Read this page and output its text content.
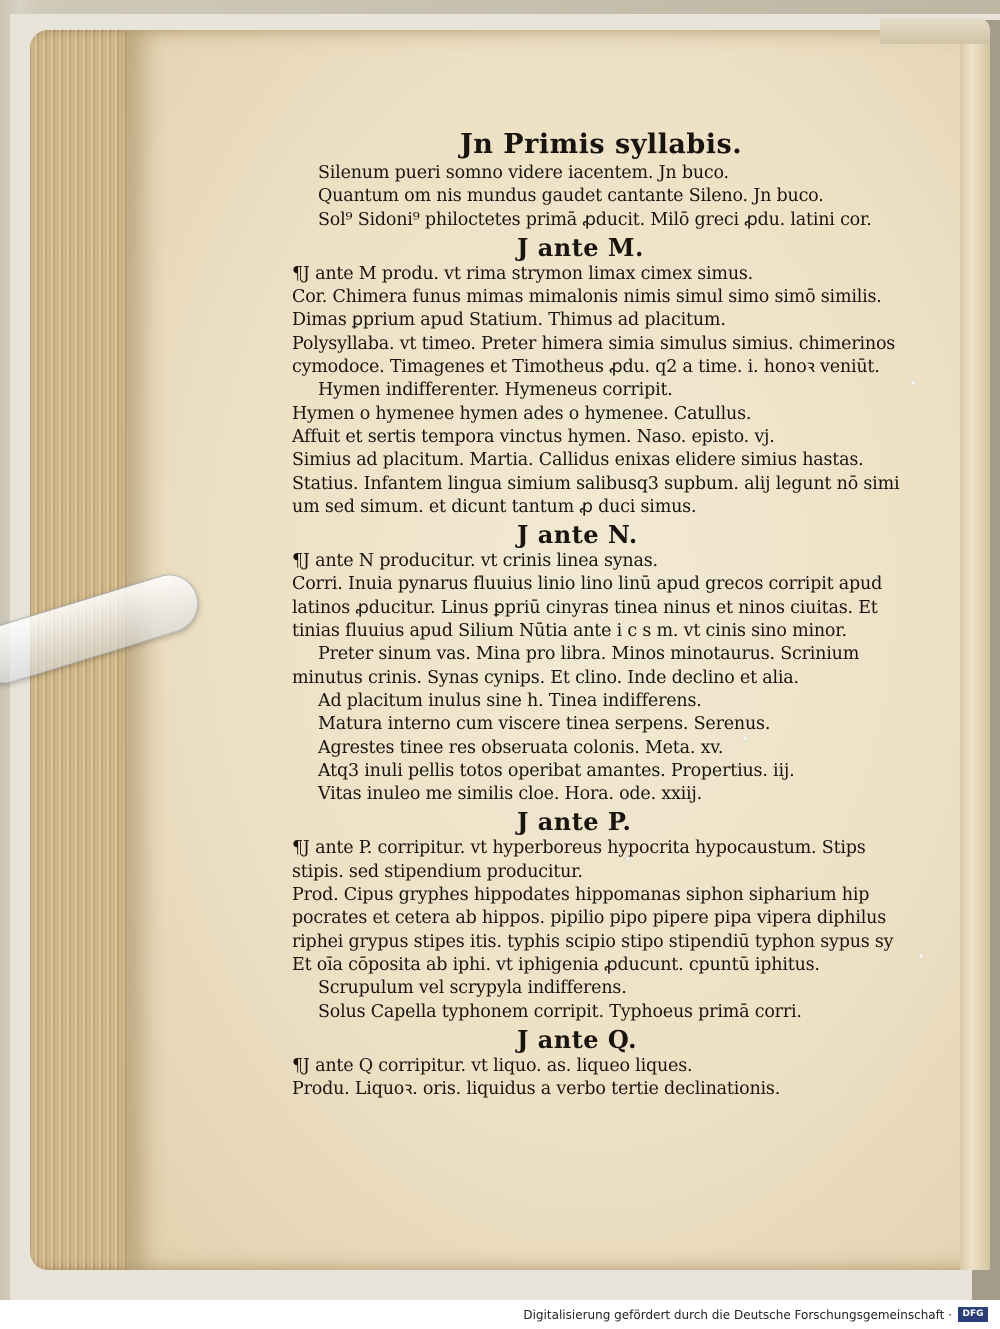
Jn Primis syllabis.
Silenum pueri somno videre iacentem. Jn buco.
Quantum om nis mundus gaudet cantante Sileno. Jn buco.
Sol⁹ Sidoni⁹ philoctetes primā ꝓducit. Milō greci ꝓdu. latini cor.
J ante M.
¶J ante M produ. vt rima strymon limax cimex simus.
Cor. Chimera funus mimas mimalonis nimis simul simo simō similis.
Dimas ꝑprium apud Statium. Thimus ad placitum.
Polysyllaba. vt timeo. Preter himera simia simulus simius. chimerinos
cymodoce. Timagenes et Timotheus ꝓdu. q2 a time. i. honoꝛ veniūt.
Hymen indifferenter. Hymeneus corripit.
Hymen o hymenee hymen ades o hymenee. Catullus.
Affuit et sertis tempora vinctus hymen. Naso. episto. vj.
Simius ad placitum. Martia. Callidus enixas elidere simius hastas.
Statius. Infantem lingua simium salibusq3 supbum. alij legunt nō simi
um sed simum. et dicunt tantum ꝓ duci simus.
J ante N.
¶J ante N producitur. vt crinis linea synas.
Corri. Inuia pynarus fluuius linio lino linū apud grecos corripit apud
latinos ꝓducitur. Linus ꝑpriū cinyras tinea ninus et ninos ciuitas. Et
tinias fluuius apud Silium Nūtia ante i c s m. vt cinis sino minor.
Preter sinum vas. Mina pro libra. Minos minotaurus. Scrinium
minutus crinis. Synas cynips. Et clino. Inde declino et alia.
Ad placitum inulus sine h. Tinea indifferens.
Matura interno cum viscere tinea serpens. Serenus.
Agrestes tinee res obseruata colonis. Meta. xv.
Atq3 inuli pellis totos operibat amantes. Propertius. iij.
Vitas inuleo me similis cloe. Hora. ode. xxiij.
J ante P.
¶J ante P. corripitur. vt hyperboreus hypocrita hypocaustum. Stips
stipis. sed stipendium producitur.
Prod. Cipus gryphes hippodates hippomanas siphon sipharium hip
pocrates et cetera ab hippos. pipilio pipo pipere pipa vipera diphilus
riphei grypus stipes itis. typhis scipio stipo stipendiū typhon sypus sy
Et oīa cōposita ab iphi. vt iphigenia ꝓducunt. cpuntū iphitus.
Scrupulum vel scrypyla indifferens.
Solus Capella typhonem corripit. Typhoeus primā corri.
J ante Q.
¶J ante Q corripitur. vt liquo. as. liqueo liques.
Produ. Liquoꝛ. oris. liquidus a verbo tertie declinationis.
Digitalisierung gefördert durch die Deutsche Forschungsgemeinschaft ·	DFG
